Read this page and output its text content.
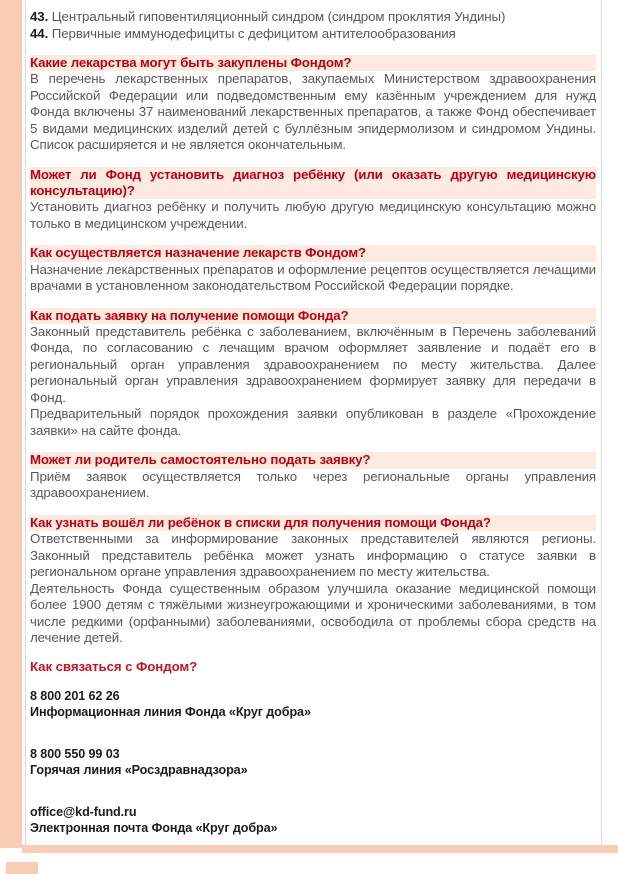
43. Центральный гиповентиляционный синдром (синдром проклятия Ундины)
44. Первичные иммунодефициты с дефицитом антителообразования
Какие лекарства могут быть закуплены Фондом?

В перечень лекарственных препаратов, закупаемых Министерством здравоохранения Российской Федерации или подведомственным ему казённым учреждением для нужд Фонда включены 37 наименований лекарственных препаратов, а также Фонд обеспечивает 5 видами медицинских изделий детей с буллёзным эпидермолизом и синдромом Ундины. Список расширяется и не является окончательным.

Может ли Фонд установить диагноз ребёнку (или оказать другую медицинскую консультацию)?

Установить диагноз ребёнку и получить любую другую медицинскую консультацию можно только в медицинском учреждении.

Как осуществляется назначение лекарств Фондом?

Назначение лекарственных препаратов и оформление рецептов осуществляется лечащими врачами в установленном законодательством Российской Федерации порядке.

Как подать заявку на получение помощи Фонда?

Законный представитель ребёнка с заболеванием, включённым в Перечень заболеваний Фонда, по согласованию с лечащим врачом оформляет заявление и подаёт его в региональный орган управления здравоохранением по месту жительства. Далее региональный орган управления здравоохранением формирует заявку для передачи в Фонд.

Предварительный порядок прохождения заявки опубликован в разделе «Прохождение заявки» на сайте фонда.

Может ли родитель самостоятельно подать заявку?

Приём заявок осуществляется только через региональные органы управления здравоохранением.

Как узнать вошёл ли ребёнок в списки для получения помощи Фонда?

Ответственными за информирование законных представителей являются регионы. Законный представитель ребёнка может узнать информацию о статусе заявки в региональном органе управления здравоохранением по месту жительства.

Деятельность Фонда существенным образом улучшила оказание медицинской помощи более 1900 детям с тяжёлыми жизнеугрожающими и хроническими заболеваниями, в том числе редкими (орфанными) заболеваниями, освободила от проблемы сбора средств на лечение детей.

Как связаться с Фондом?
8 800 201 62 26
Информационная линия Фонда «Круг добра»
8 800 550 99 03
Горячая линия «Росздравнадзора»
office@kd-fund.ru
Электронная почта Фонда «Круг добра»
